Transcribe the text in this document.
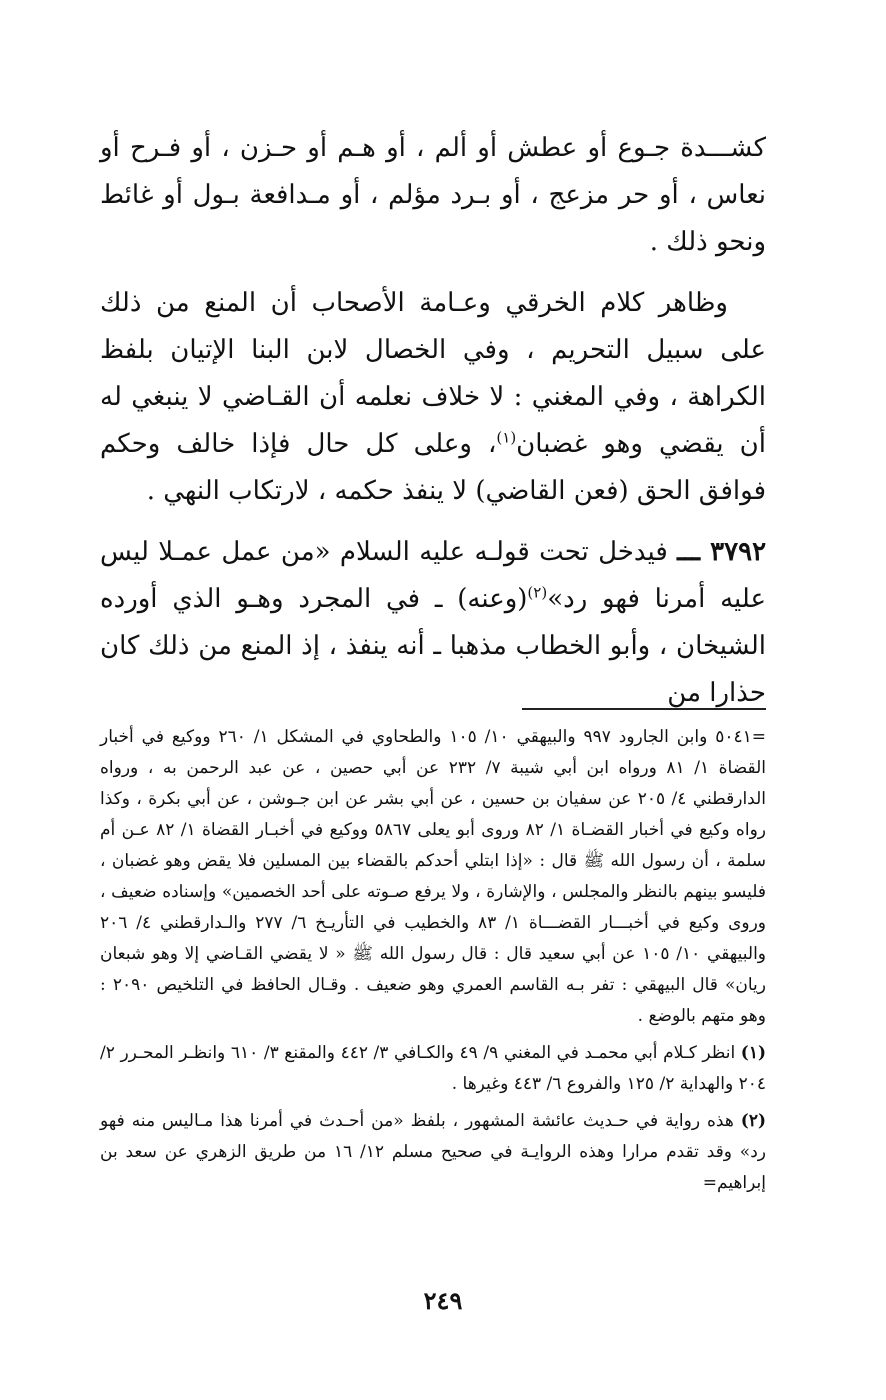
كشـــدة جـوع أو عطش أو ألم ، أو هـم أو حـزن ، أو فـرح أو نعاس ، أو حر مزعج ، أو بـرد مؤلم ، أو مـدافعة بـول أو غائط ونحو ذلك .

وظاهر كلام الخرقي وعـامة الأصحاب أن المنع من ذلك على سبيل التحريم ، وفي الخصال لابن البنا الإتيان بلفظ الكراهة ، وفي المغني : لا خلاف نعلمه أن القـاضي لا ينبغي له أن يقضي وهو غضبان$^{(١)}$، وعلى كل حال فإذا خالف وحكم فوافق الحق (فعن القاضي) لا ينفذ حكمه ، لارتكاب النهي .

٣٧٩٢ ـــ فيدخل تحت قولـه عليه السلام «من عمل عمـلا ليس عليه أمرنا فهو رد»$^{(٢)}$(وعنه) ـ في المجرد وهـو الذي أورده الشيخان ، وأبو الخطاب مذهبا ـ أنه ينفذ ، إذ المنع من ذلك كان حذارا من

=٥٠٤١ وابن الجارود ٩٩٧ والبيهقي ١٠/ ١٠٥ والطحاوي في المشكل ١/ ٢٦٠ ووكيع في أخبار القضاة ١/ ٨١ ورواه ابن أبي شيبة ٧/ ٢٣٢ عن أبي حصين ، عن عبد الرحمن به ، ورواه الدارقطني ٤/ ٢٠٥ عن سفيان بن حسين ، عن أبي بشر عن ابن جـوشن ، عن أبي بكرة ، وكذا رواه وكيع في أخبار القضـاة ١/ ٨٢ وروى أبو يعلى ٥٨٦٧ ووكيع في أخبـار القضاة ١/ ٨٢ عـن أم سلمة ، أن رسول الله ﷺ قال : «إذا ابتلي أحدكم بالقضاء بين المسلين فلا يقض وهو غضبان ، فليسو بينهم بالنظر والمجلس ، والإشارة ، ولا يرفع صـوته على أحد الخصمين» وإسناده ضعيف ، وروى وكيع في أخبـــار القضـــاة ١/ ٨٣ والخطيب في التأريـخ ٦/ ٢٧٧ والـدارقطني ٤/ ٢٠٦ والبيهقي ١٠/ ١٠٥ عن أبي سعيد قال : قال رسول الله ﷺ « لا يقضي القـاضي إلا وهو شبعان ريان» قال البيهقي : تفر بـه القاسم العمري وهو ضعيف . وقـال الحافظ في التلخيص ٢٠٩٠ : وهو متهم بالوضع .

(١) انظر كـلام أبي محمـد في المغني ٩/ ٤٩ والكـافي ٣/ ٤٤٢ والمقنع ٣/ ٦١٠ وانظـر المحـرر ٢/ ٢٠٤ والهداية ٢/ ١٢٥ والفروع ٦/ ٤٤٣ وغيرها .

(٢) هذه رواية في حـديث عائشة المشهور ، بلفظ «من أحـدث في أمرنا هذا مـاليس منه فهو رد» وقد تقدم مرارا وهذه الروايـة في صحيح مسلم ١٢/ ١٦ من طريق الزهري عن سعد بن إبراهيم=

٢٤٩
